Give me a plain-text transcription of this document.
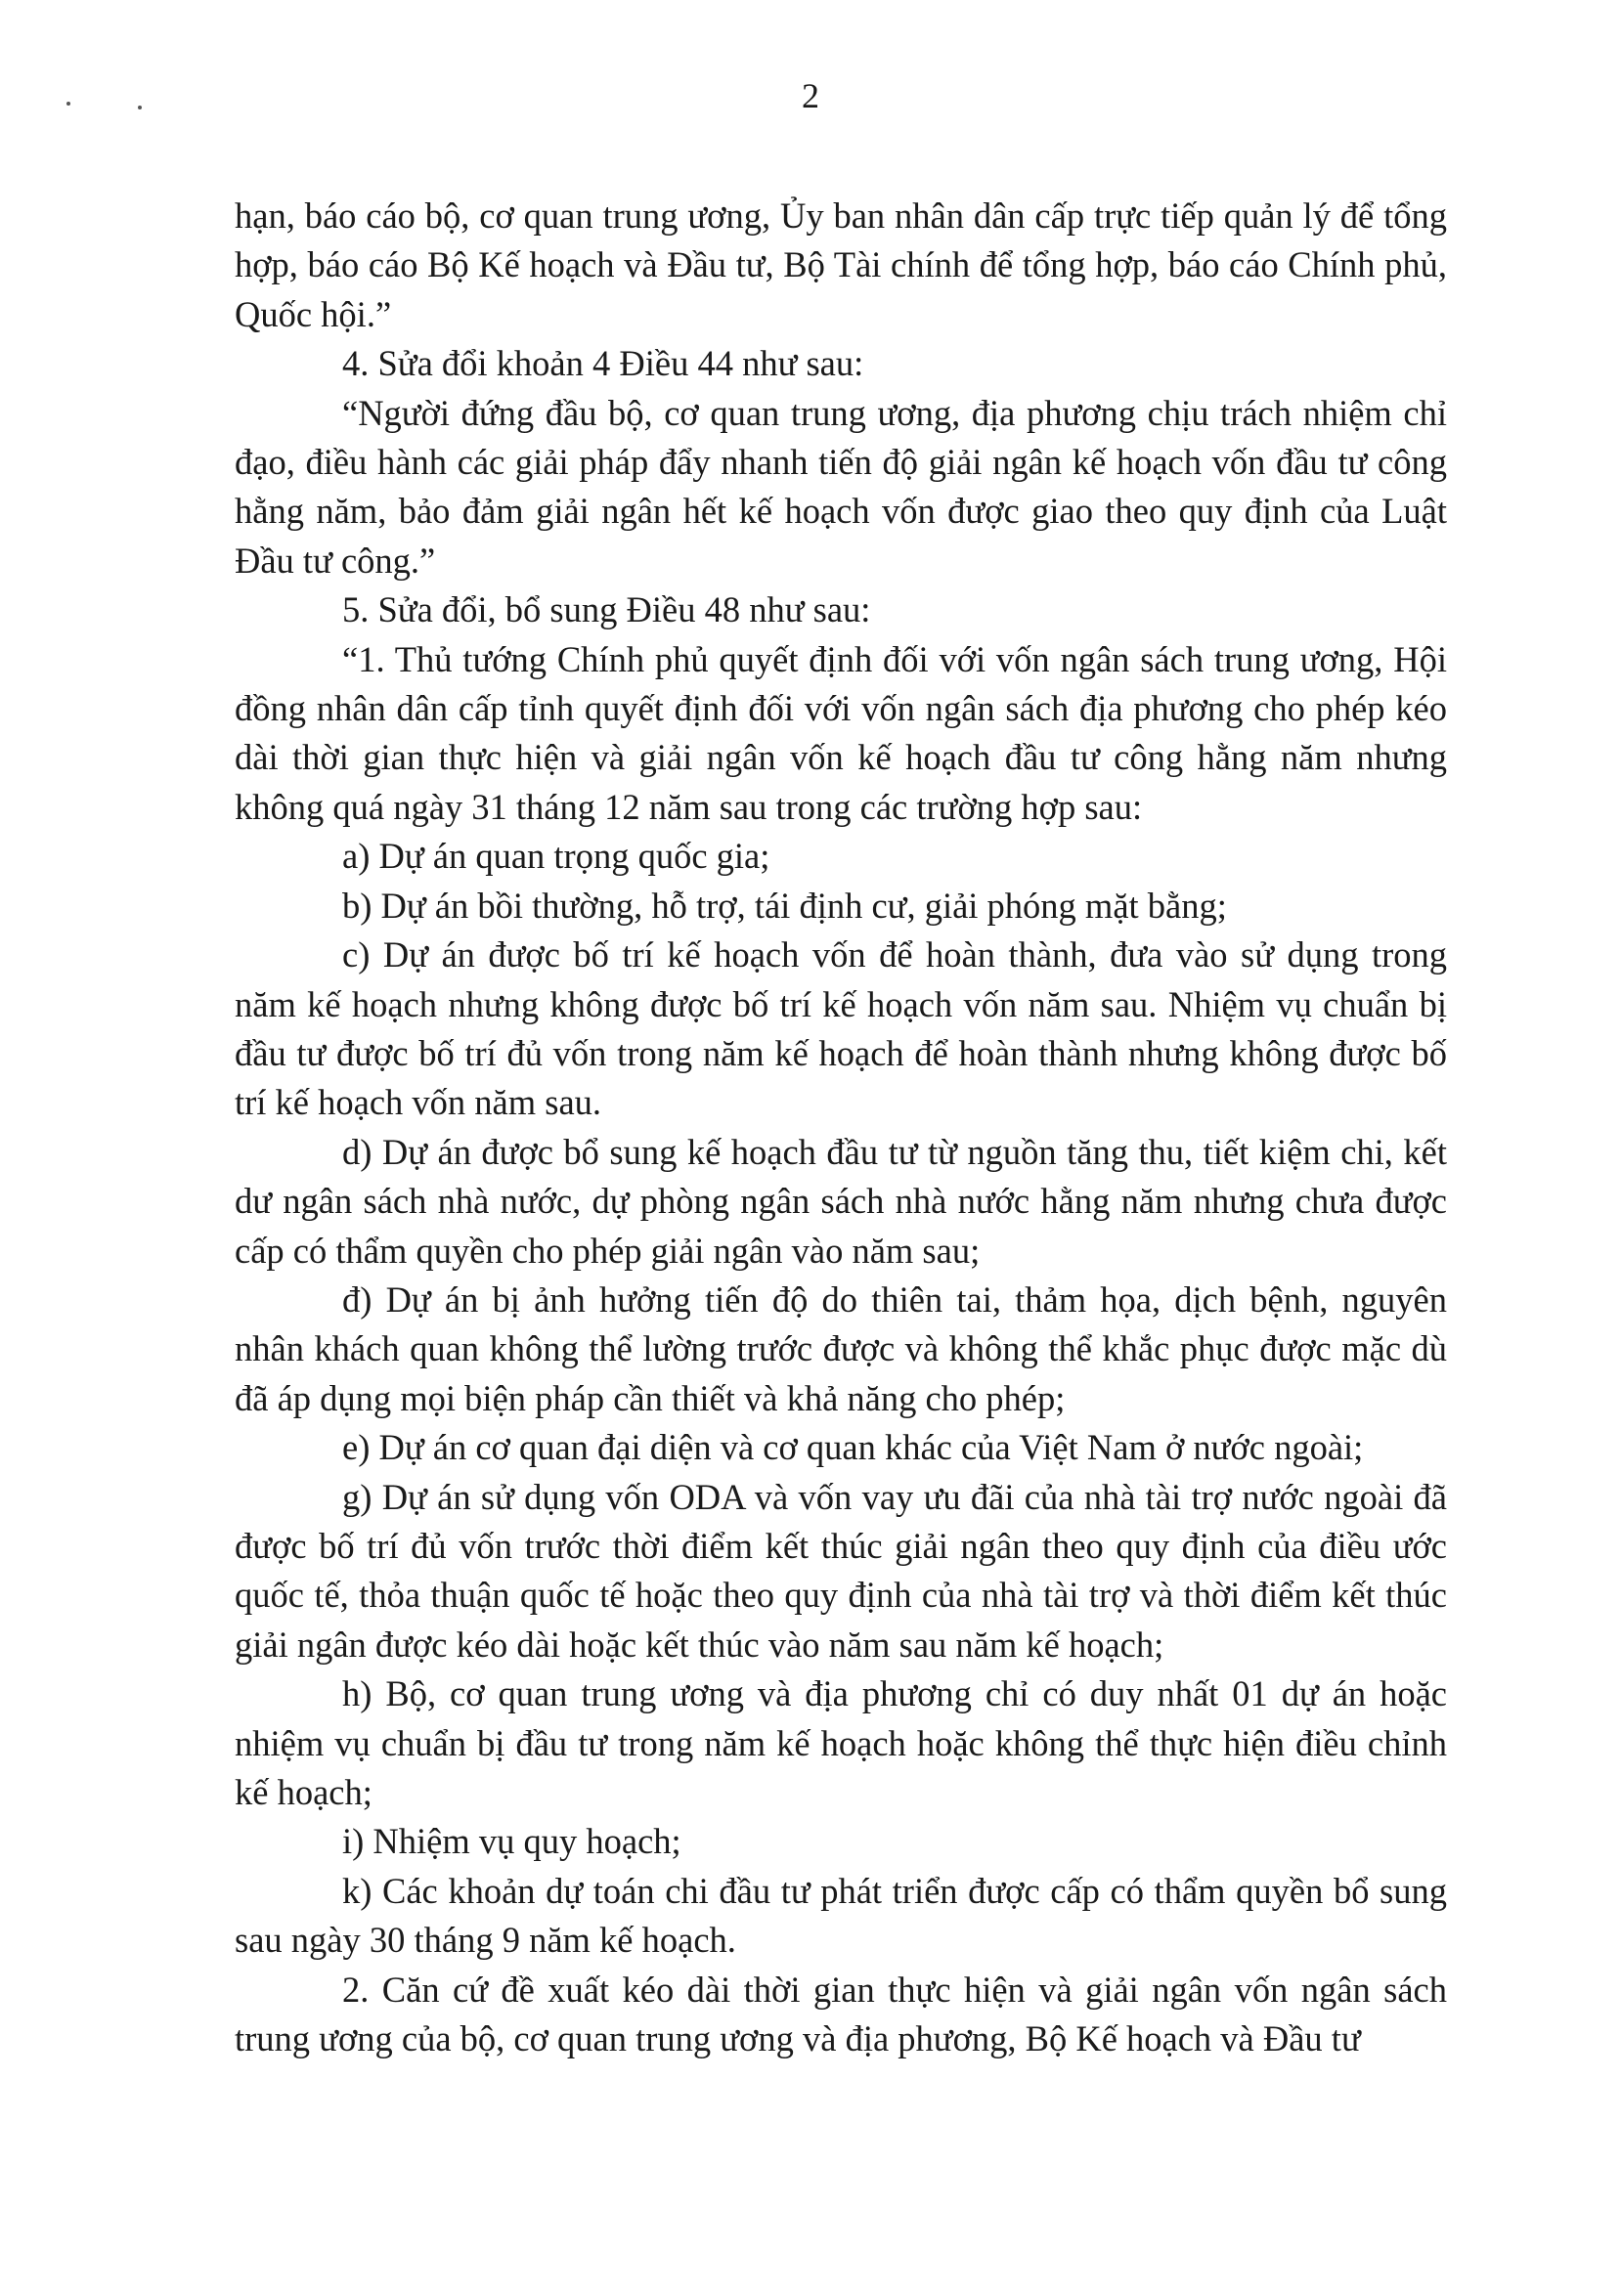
2

hạn, báo cáo bộ, cơ quan trung ương, Ủy ban nhân dân cấp trực tiếp quản lý để tổng hợp, báo cáo Bộ Kế hoạch và Đầu tư, Bộ Tài chính để tổng hợp, báo cáo Chính phủ, Quốc hội.”

4. Sửa đổi khoản 4 Điều 44 như sau:

“Người đứng đầu bộ, cơ quan trung ương, địa phương chịu trách nhiệm chỉ đạo, điều hành các giải pháp đẩy nhanh tiến độ giải ngân kế hoạch vốn đầu tư công hằng năm, bảo đảm giải ngân hết kế hoạch vốn được giao theo quy định của Luật Đầu tư công.”

5. Sửa đổi, bổ sung Điều 48 như sau:

“1. Thủ tướng Chính phủ quyết định đối với vốn ngân sách trung ương, Hội đồng nhân dân cấp tỉnh quyết định đối với vốn ngân sách địa phương cho phép kéo dài thời gian thực hiện và giải ngân vốn kế hoạch đầu tư công hằng năm nhưng không quá ngày 31 tháng 12 năm sau trong các trường hợp sau:

a) Dự án quan trọng quốc gia;

b) Dự án bồi thường, hỗ trợ, tái định cư, giải phóng mặt bằng;

c) Dự án được bố trí kế hoạch vốn để hoàn thành, đưa vào sử dụng trong năm kế hoạch nhưng không được bố trí kế hoạch vốn năm sau. Nhiệm vụ chuẩn bị đầu tư được bố trí đủ vốn trong năm kế hoạch để hoàn thành nhưng không được bố trí kế hoạch vốn năm sau.

d) Dự án được bổ sung kế hoạch đầu tư từ nguồn tăng thu, tiết kiệm chi, kết dư ngân sách nhà nước, dự phòng ngân sách nhà nước hằng năm nhưng chưa được cấp có thẩm quyền cho phép giải ngân vào năm sau;

đ) Dự án bị ảnh hưởng tiến độ do thiên tai, thảm họa, dịch bệnh, nguyên nhân khách quan không thể lường trước được và không thể khắc phục được mặc dù đã áp dụng mọi biện pháp cần thiết và khả năng cho phép;

e) Dự án cơ quan đại diện và cơ quan khác của Việt Nam ở nước ngoài;

g) Dự án sử dụng vốn ODA và vốn vay ưu đãi của nhà tài trợ nước ngoài đã được bố trí đủ vốn trước thời điểm kết thúc giải ngân theo quy định của điều ước quốc tế, thỏa thuận quốc tế hoặc theo quy định của nhà tài trợ và thời điểm kết thúc giải ngân được kéo dài hoặc kết thúc vào năm sau năm kế hoạch;

h) Bộ, cơ quan trung ương và địa phương chỉ có duy nhất 01 dự án hoặc nhiệm vụ chuẩn bị đầu tư trong năm kế hoạch hoặc không thể thực hiện điều chỉnh kế hoạch;

i) Nhiệm vụ quy hoạch;

k) Các khoản dự toán chi đầu tư phát triển được cấp có thẩm quyền bổ sung sau ngày 30 tháng 9 năm kế hoạch.

2. Căn cứ đề xuất kéo dài thời gian thực hiện và giải ngân vốn ngân sách trung ương của bộ, cơ quan trung ương và địa phương, Bộ Kế hoạch và Đầu tư
